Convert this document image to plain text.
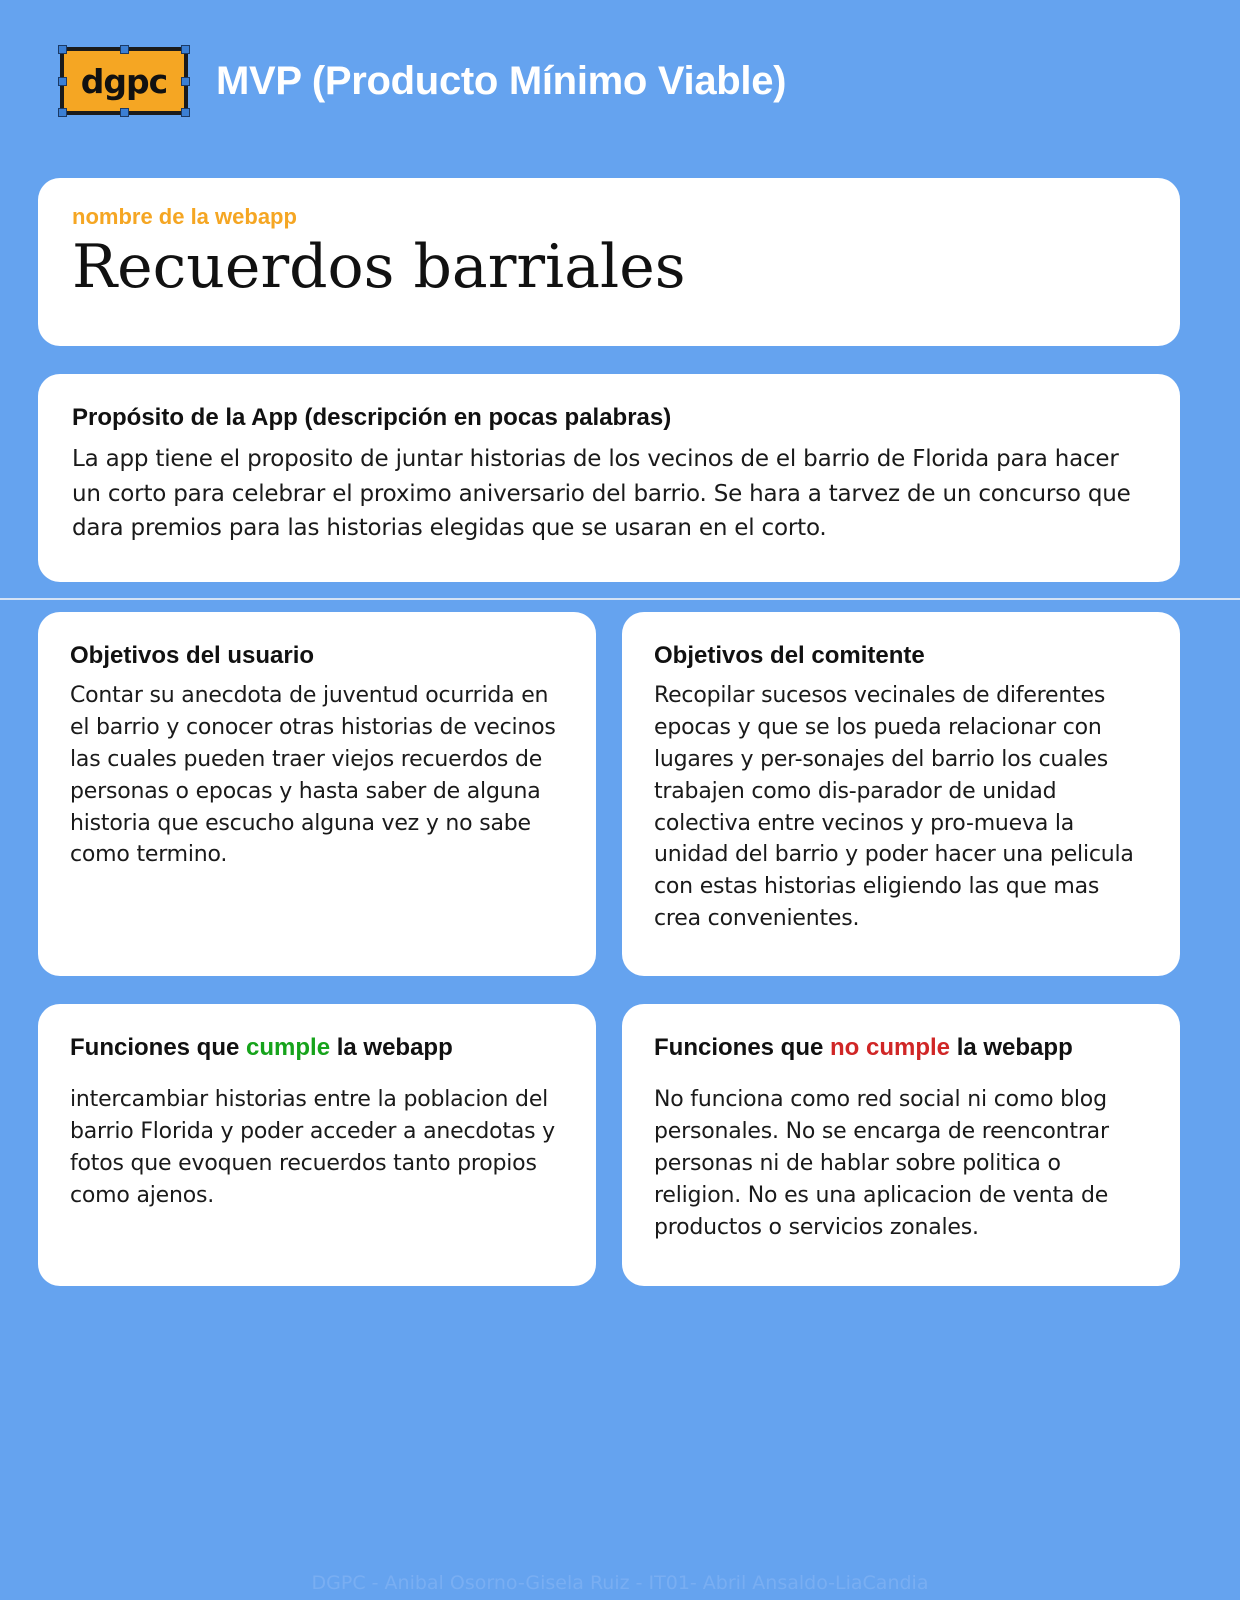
dgpc MVP (Producto Mínimo Viable)

nombre de la webapp

Recuerdos barriales

Propósito de la App (descripción en pocas palabras)

La app tiene el proposito de juntar historias de los vecinos de el barrio de Florida para hacer un corto para celebrar el proximo aniversario del barrio. Se hara a tarvez de un concurso que dara premios para las historias elegidas que se usaran en el corto.

Objetivos del usuario

Contar su anecdota de juventud ocurrida en el barrio y conocer otras historias de vecinos las cuales pueden traer viejos recuerdos de personas o epocas y hasta saber de alguna historia que escucho alguna vez y no sabe como termino.

Objetivos del comitente

Recopilar sucesos vecinales de diferentes epocas y que se los pueda relacionar con lugares y per-sonajes del barrio los cuales trabajen como dis-parador de unidad colectiva entre vecinos y pro-mueva la unidad del barrio y poder hacer una pelicula con estas historias eligiendo las que mas crea convenientes.

Funciones que cumple la webapp

intercambiar historias entre la poblacion del barrio Florida y poder acceder a anecdotas y fotos que evoquen recuerdos tanto propios como ajenos.

Funciones que no cumple la webapp

No funciona como red social ni como blog personales. No se encarga de reencontrar personas ni de hablar sobre politica o religion. No es una aplicacion de venta de productos o servicios zonales.

DGPC - Anibal Osorno-Gisela Ruiz - IT01- Abril Ansaldo-LiaCandia
